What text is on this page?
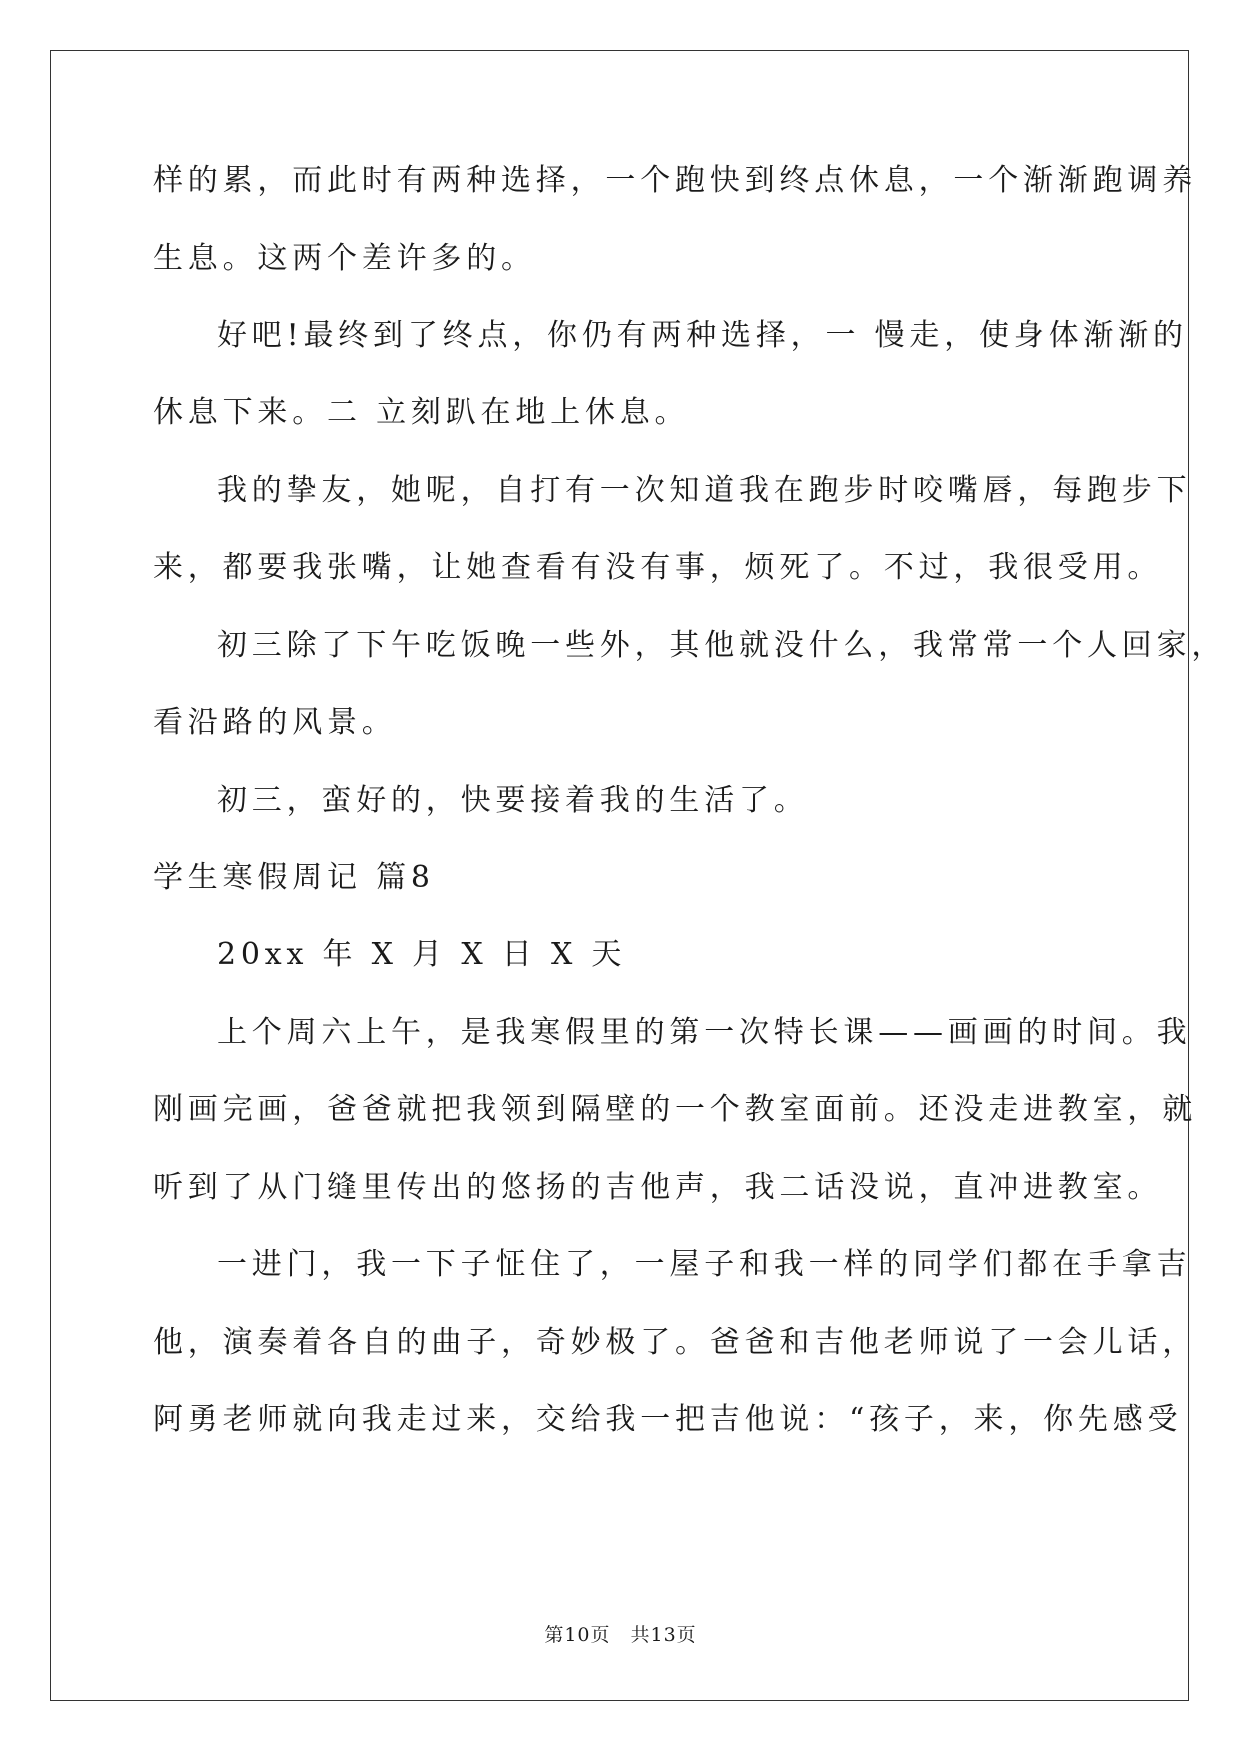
样的累，而此时有两种选择，一个跑快到终点休息，一个渐渐跑调养
生息。这两个差许多的。
好吧!最终到了终点，你仍有两种选择，一 慢走，使身体渐渐的
休息下来。二 立刻趴在地上休息。
我的挚友，她呢，自打有一次知道我在跑步时咬嘴唇，每跑步下
来，都要我张嘴，让她查看有没有事，烦死了。不过，我很受用。
初三除了下午吃饭晚一些外，其他就没什么，我常常一个人回家，
看沿路的风景。
初三，蛮好的，快要接着我的生活了。
学生寒假周记 篇8
20xx 年 X 月 X 日 X 天
上个周六上午，是我寒假里的第一次特长课——画画的时间。我
刚画完画，爸爸就把我领到隔壁的一个教室面前。还没走进教室，就
听到了从门缝里传出的悠扬的吉他声，我二话没说，直冲进教室。
一进门，我一下子怔住了，一屋子和我一样的同学们都在手拿吉
他，演奏着各自的曲子，奇妙极了。爸爸和吉他老师说了一会儿话，
阿勇老师就向我走过来，交给我一把吉他说：“孩子，来，你先感受
第10页　共13页
